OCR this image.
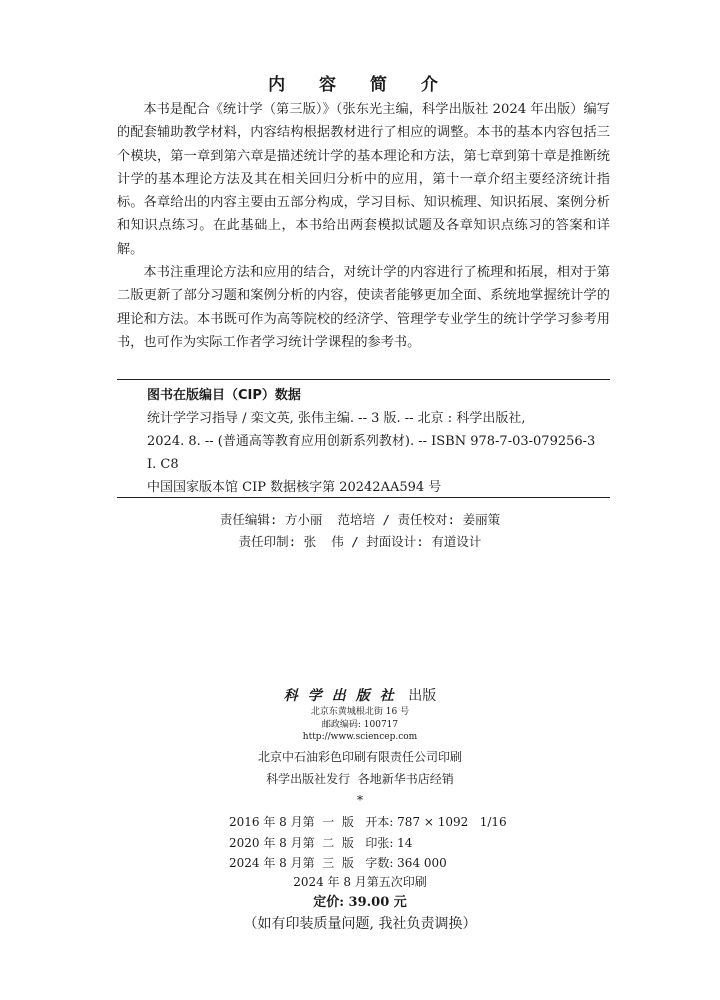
内 容 简 介

本书是配合《统计学（第三版）》（张东光主编，科学出版社 2024 年出版）编写的配套辅助教学材料，内容结构根据教材进行了相应的调整。本书的基本内容包括三个模块，第一章到第六章是描述统计学的基本理论和方法，第七章到第十章是推断统计学的基本理论方法及其在相关回归分析中的应用，第十一章介绍主要经济统计指标。各章给出的内容主要由五部分构成，学习目标、知识梳理、知识拓展、案例分析和知识点练习。在此基础上，本书给出两套模拟试题及各章知识点练习的答案和详解。

本书注重理论方法和应用的结合，对统计学的内容进行了梳理和拓展，相对于第二版更新了部分习题和案例分析的内容，使读者能够更加全面、系统地掌握统计学的理论和方法。本书既可作为高等院校的经济学、管理学专业学生的统计学学习参考用书，也可作为实际工作者学习统计学课程的参考书。

图书在版编目（CIP）数据
统计学学习指导 / 栾文英, 张伟主编. -- 3 版. -- 北京 : 科学出版社,
2024. 8. -- (普通高等教育应用创新系列教材). -- ISBN 978-7-03-079256-3
Ⅰ. C8
中国国家版本馆 CIP 数据核字第 20242AA594 号
责任编辑: 方小丽  范培培 / 责任校对: 姜丽策
责任印制: 张  伟 / 封面设计: 有道设计
科学出版社 出版
北京东黄城根北街 16 号
邮政编码: 100717
http://www.sciencep.com
北京中石油彩色印刷有限责任公司印刷
科学出版社发行  各地新华书店经销
*
2016 年 8 月第  一  版   开本: 787 × 1092   1/16
2020 年 8 月第  二  版   印张: 14
2024 年 8 月第  三  版   字数: 364 000
2024 年 8 月第五次印刷
定价: 39.00 元
（如有印装质量问题, 我社负责调换）
